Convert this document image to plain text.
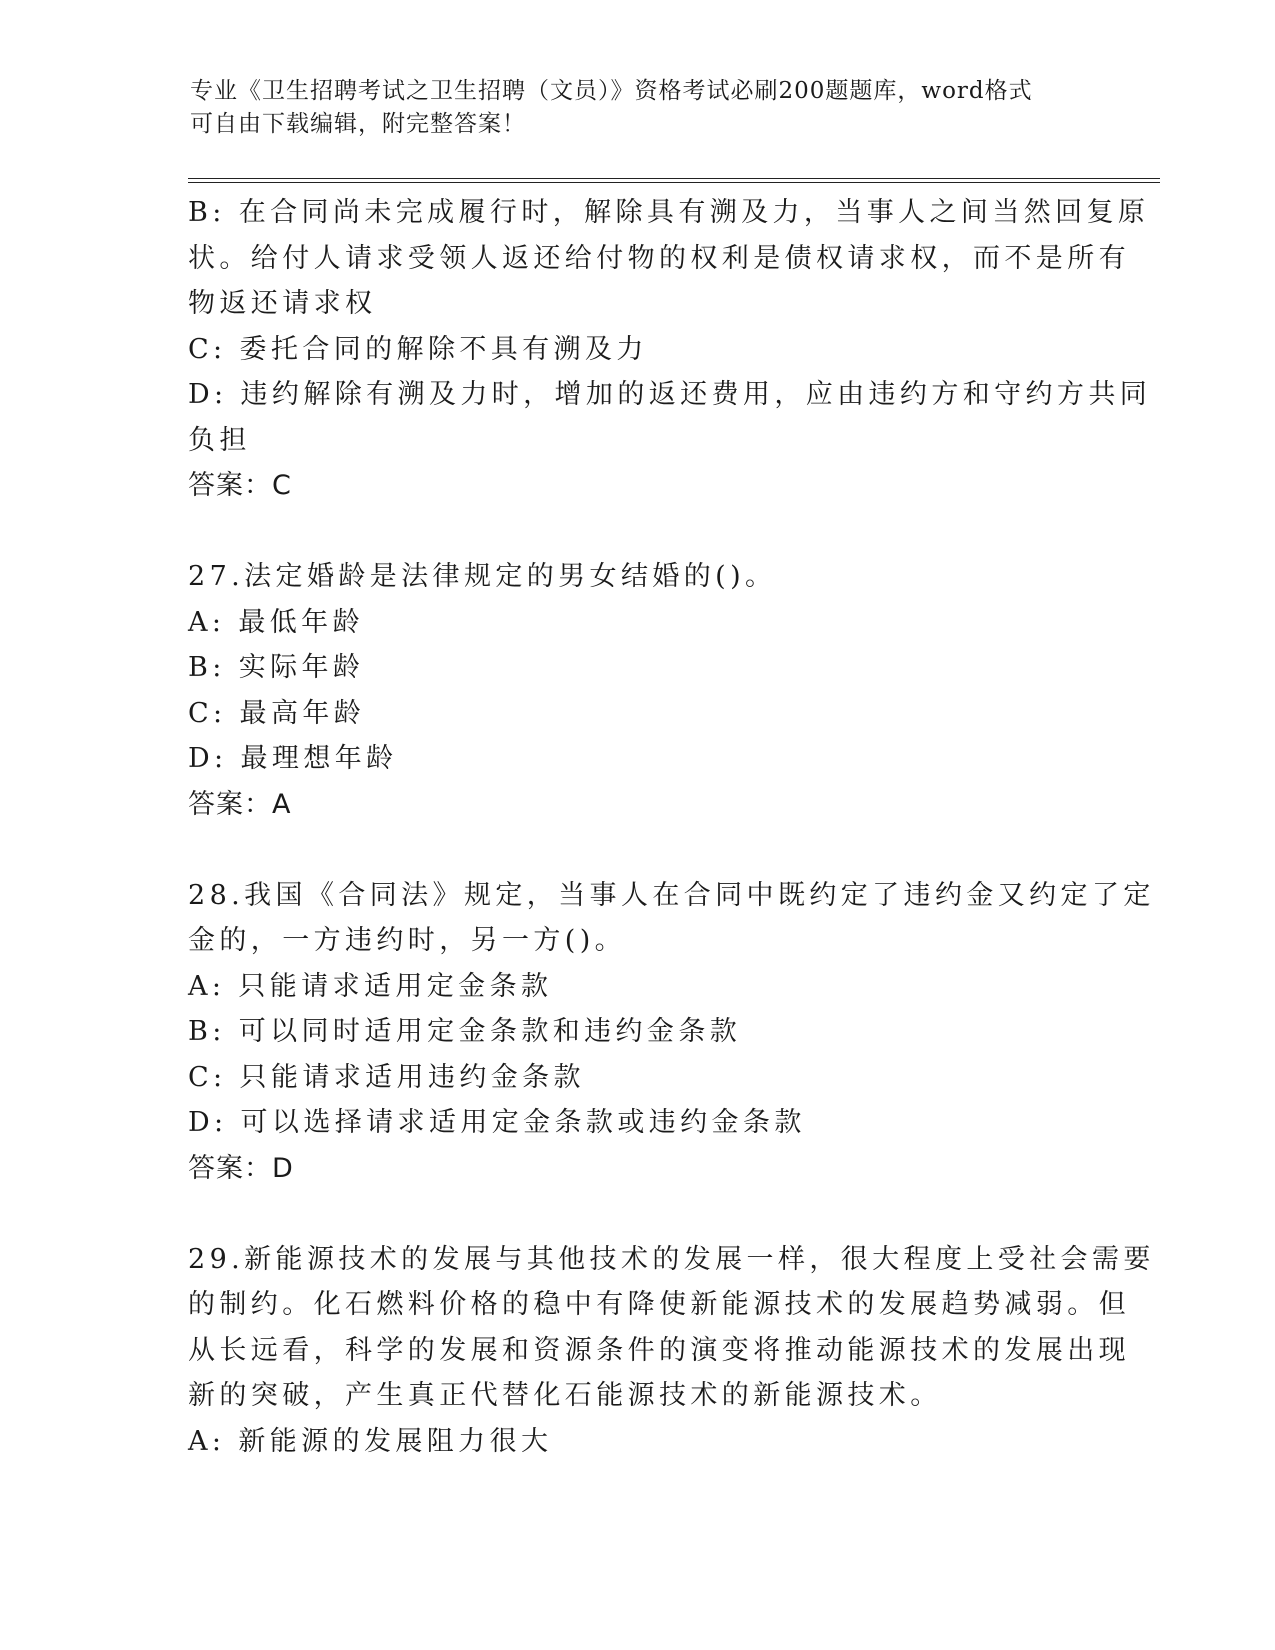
专业《卫生招聘考试之卫生招聘（文员）》资格考试必刷200题题库，word格式
可自由下载编辑，附完整答案！
B: 在合同尚未完成履行时，解除具有溯及力，当事人之间当然回复原
状。给付人请求受领人返还给付物的权利是债权请求权，而不是所有
物返还请求权
C: 委托合同的解除不具有溯及力
D: 违约解除有溯及力时，增加的返还费用，应由违约方和守约方共同
负担
答案：C
27.法定婚龄是法律规定的男女结婚的()。
A: 最低年龄
B: 实际年龄
C: 最高年龄
D: 最理想年龄
答案：A
28.我国《合同法》规定，当事人在合同中既约定了违约金又约定了定
金的，一方违约时，另一方()。
A: 只能请求适用定金条款
B: 可以同时适用定金条款和违约金条款
C: 只能请求适用违约金条款
D: 可以选择请求适用定金条款或违约金条款
答案：D
29.新能源技术的发展与其他技术的发展一样，很大程度上受社会需要
的制约。化石燃料价格的稳中有降使新能源技术的发展趋势减弱。但
从长远看，科学的发展和资源条件的演变将推动能源技术的发展出现
新的突破，产生真正代替化石能源技术的新能源技术。
A: 新能源的发展阻力很大
